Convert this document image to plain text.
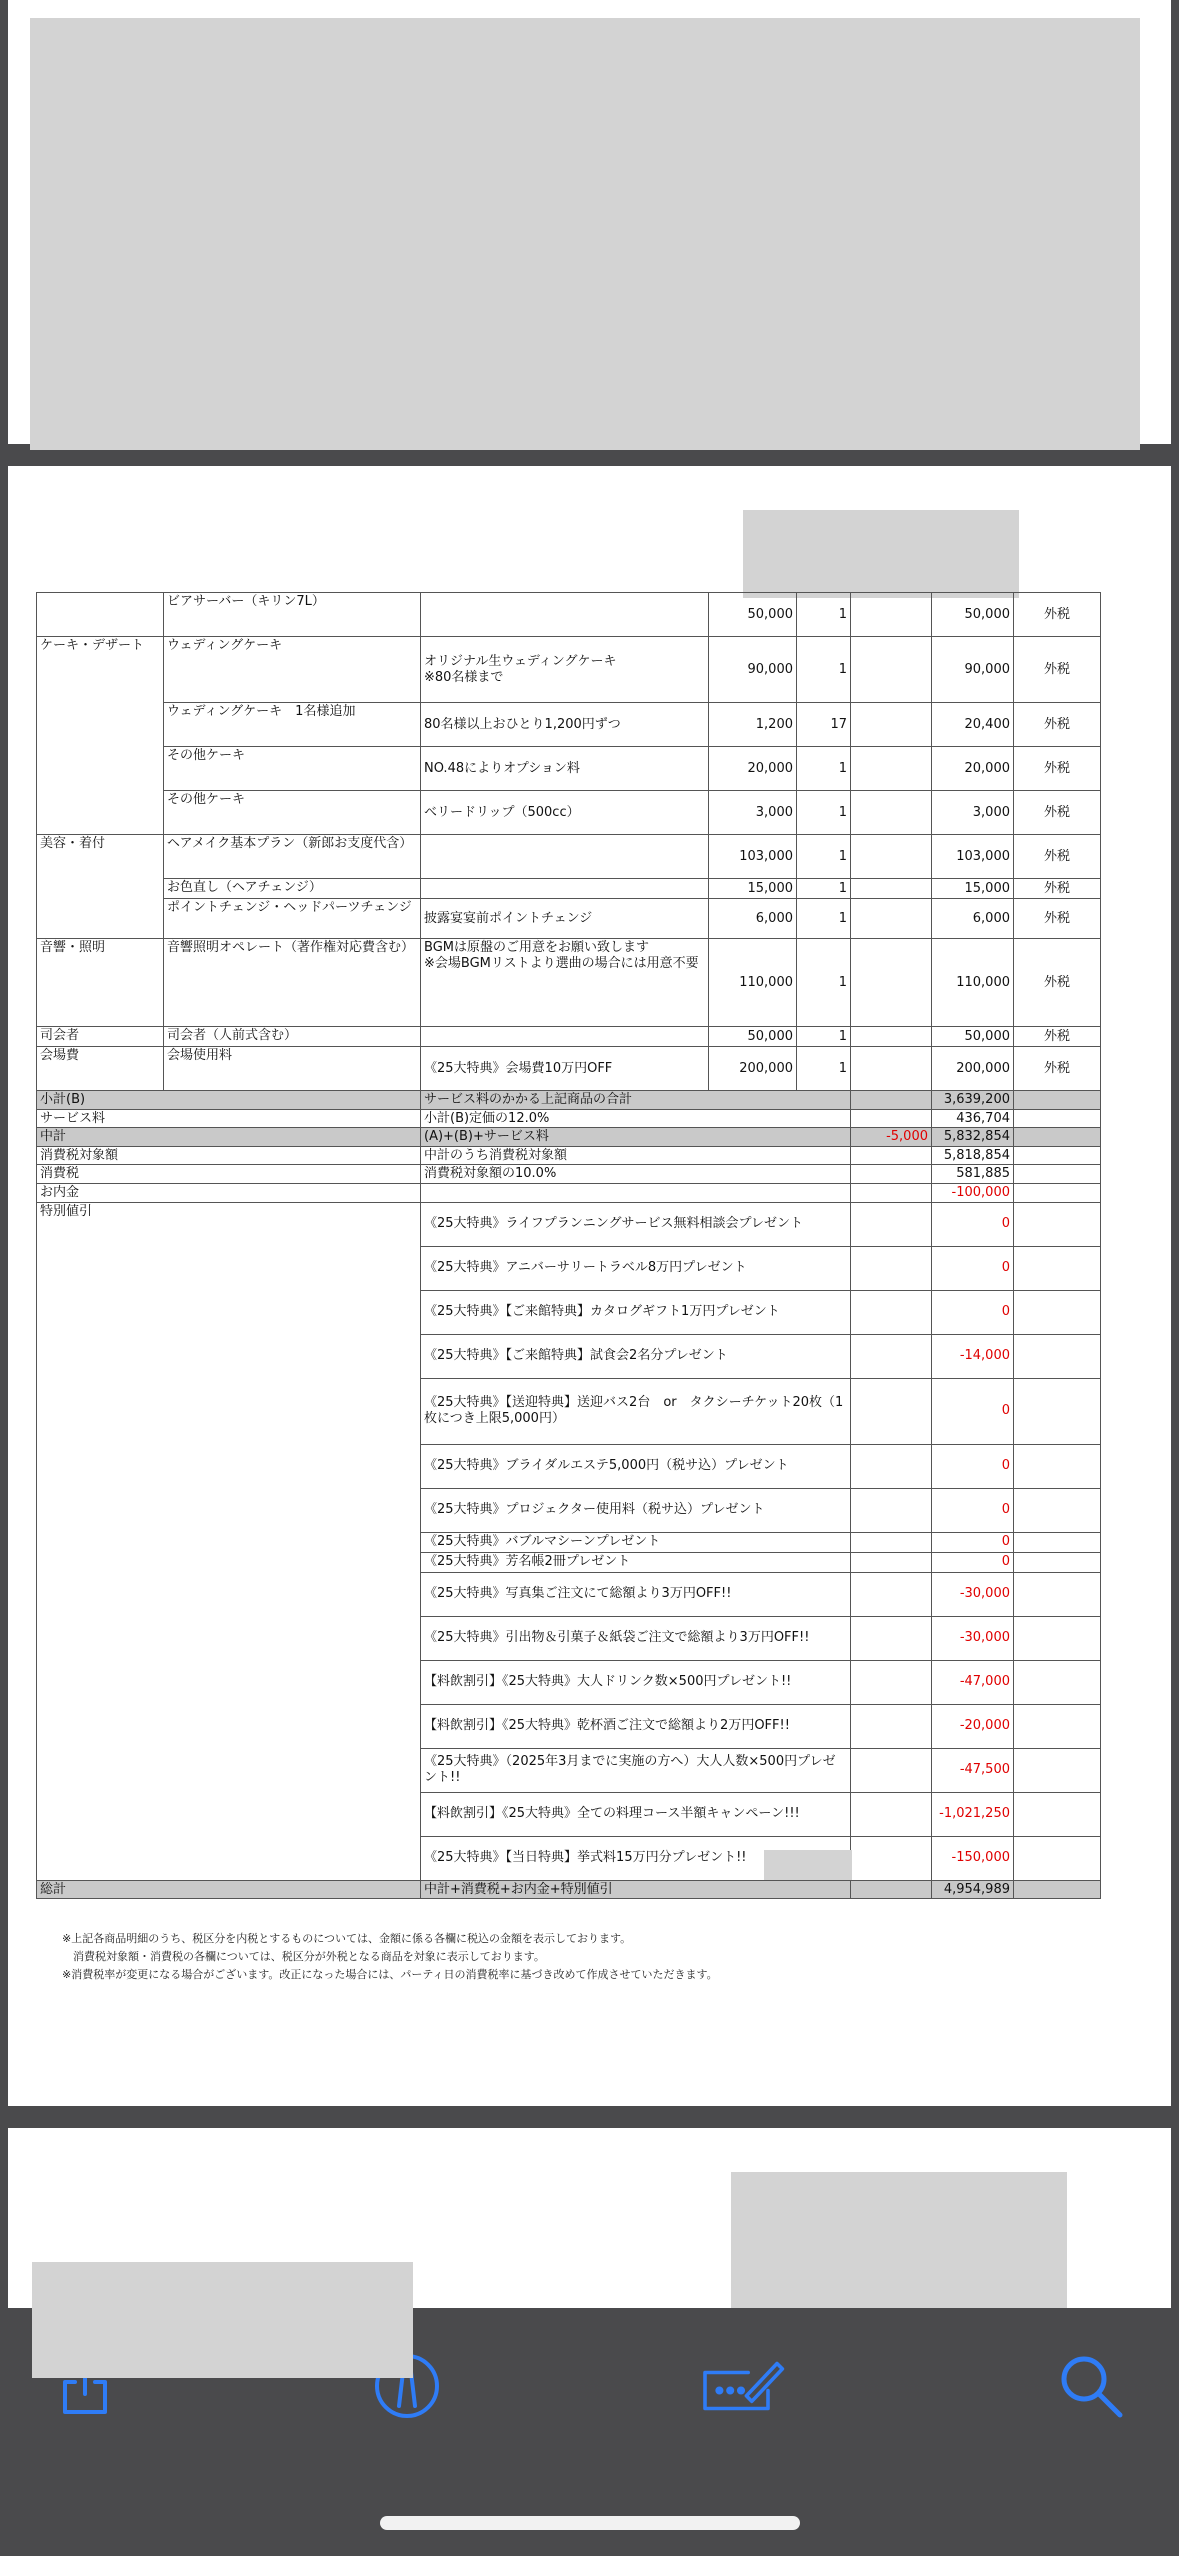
	ビアサーバー（キリン7L）		50,000	1		50,000	外税
ケーキ・デザート	ウェディングケーキ	オリジナル生ウェディングケーキ
※80名様まで	90,000	1		90,000	外税
	ウェディングケーキ　1名様追加	80名様以上おひとり1,200円ずつ	1,200	17		20,400	外税
	その他ケーキ	NO.48によりオプション料	20,000	1		20,000	外税
	その他ケーキ	ベリードリップ（500cc）	3,000	1		3,000	外税
美容・着付	ヘアメイク基本プラン（新郎お支度代含）		103,000	1		103,000	外税
	お色直し（ヘアチェンジ）		15,000	1		15,000	外税
	ポイントチェンジ・ヘッドパーツチェンジ	披露宴宴前ポイントチェンジ	6,000	1		6,000	外税
音響・照明	音響照明オペレート（著作権対応費含む）	BGMは原盤のご用意をお願い致します
※会場BGMリストより選曲の場合には用意不要	110,000	1		110,000	外税
司会者	司会者（人前式含む）		50,000	1		50,000	外税
会場費	会場使用料	《25大特典》会場費10万円OFF	200,000	1		200,000	外税
小計(B)		サービス料のかかる上記商品の合計				3,639,200	
サービス料		小計(B)定価の12.0%				436,704	
中計		(A)+(B)+サービス料			-5,000	5,832,854	
消費税対象額		中計のうち消費税対象額				5,818,854	
消費税		消費税対象額の10.0%				581,885	
お内金						-100,000	
特別値引		《25大特典》ライフプランニングサービス無料相談会プレゼント				0	
		《25大特典》アニバーサリートラベル8万円プレゼント				0	
		《25大特典》【ご来館特典】カタログギフト1万円プレゼント				0	
		《25大特典》【ご来館特典】試食会2名分プレゼント				-14,000	
		《25大特典》【送迎特典】送迎バス2台　or　タクシーチケット20枚（1枚につき上限5,000円）				0	
		《25大特典》ブライダルエステ5,000円（税サ込）プレゼント				0	
		《25大特典》プロジェクター使用料（税サ込）プレゼント				0	
		《25大特典》バブルマシーンプレゼント				0	
		《25大特典》芳名帳2冊プレゼント				0	
		《25大特典》写真集ご注文にて総額より3万円OFF!!				-30,000	
		《25大特典》引出物＆引菓子＆紙袋ご注文で総額より3万円OFF!!				-30,000	
		【料飲割引】《25大特典》大人ドリンク数×500円プレゼント!!				-47,000	
		【料飲割引】《25大特典》乾杯酒ご注文で総額より2万円OFF!!				-20,000	
		《25大特典》（2025年3月までに実施の方へ）大人人数×500円プレゼント!!				-47,500	
		【料飲割引】《25大特典》全ての料理コース半額キャンペーン!!!				-1,021,250	
		《25大特典》【当日特典】挙式料15万円分プレゼント!!				-150,000	
総計		中計+消費税+お内金+特別値引				4,954,989	
※上記各商品明細のうち、税区分を内税とするものについては、金額に係る各欄に税込の金額を表示しております。
　消費税対象額・消費税の各欄については、税区分が外税となる商品を対象に表示しております。
※消費税率が変更になる場合がございます。改正になった場合には、パーティ日の消費税率に基づき改めて作成させていただきます。
